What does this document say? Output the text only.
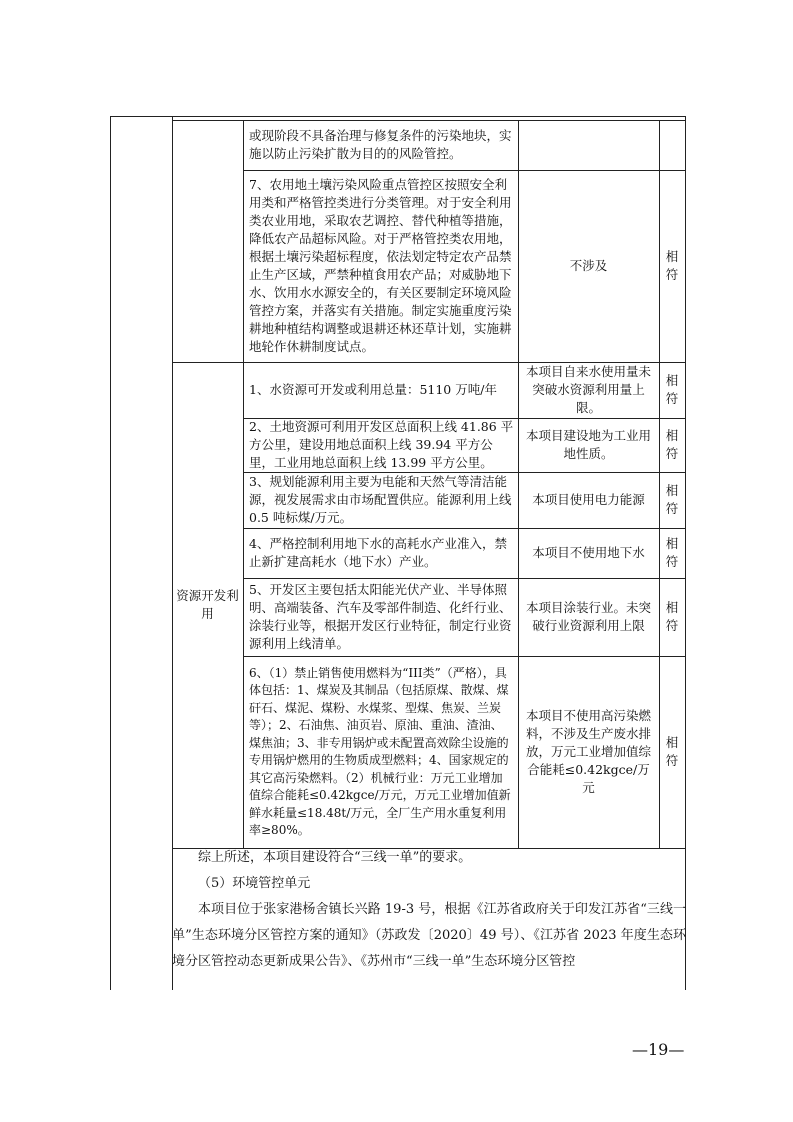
或现阶段不具备治理与修复条件的污染地块，实施以防止污染扩散为目的的风险管控。
7、农用地土壤污染风险重点管控区按照安全利用类和严格管控类进行分类管理。对于安全利用类农业用地，采取农艺调控、替代种植等措施，降低农产品超标风险。对于严格管控类农用地，根据土壤污染超标程度，依法划定特定农产品禁止生产区域，严禁种植食用农产品；对威胁地下水、饮用水水源安全的，有关区要制定环境风险管控方案，并落实有关措施。制定实施重度污染耕地种植结构调整或退耕还林还草计划，实施耕地轮作休耕制度试点。
不涉及
相符
资源开发利用
1、水资源可开发或利用总量：5110 万吨/年
本项目自来水使用量未突破水资源利用量上限。
相符
2、土地资源可利用开发区总面积上线 41.86 平方公里，建设用地总面积上线 39.94 平方公里，工业用地总面积上线 13.99 平方公里。
本项目建设地为工业用地性质。
相符
3、规划能源利用主要为电能和天然气等清洁能源，视发展需求由市场配置供应。能源利用上线 0.5 吨标煤/万元。
本项目使用电力能源
相符
4、严格控制利用地下水的高耗水产业准入，禁止新扩建高耗水（地下水）产业。
本项目不使用地下水
相符
5、开发区主要包括太阳能光伏产业、半导体照明、高端装备、汽车及零部件制造、化纤行业、涂装行业等，根据开发区行业特征，制定行业资源利用上线清单。
本项目涂装行业。未突破行业资源利用上限
相符
6、（1）禁止销售使用燃料为“III类”（严格），具体包括：1、煤炭及其制品（包括原煤、散煤、煤矸石、煤泥、煤粉、水煤浆、型煤、焦炭、兰炭等）；2、石油焦、油页岩、原油、重油、渣油、煤焦油；3、非专用锅炉或未配置高效除尘设施的专用锅炉燃用的生物质成型燃料；4、国家规定的其它高污染燃料。（2）机械行业：万元工业增加值综合能耗≤0.42kgce/万元，万元工业增加值新鲜水耗量≤18.48t/万元，全厂生产用水重复利用率≥80%。
本项目不使用高污染燃料，不涉及生产废水排放，万元工业增加值综合能耗≤0.42kgce/万元
相符
综上所述，本项目建设符合“三线一单”的要求。
（5）环境管控单元
本项目位于张家港杨舍镇长兴路 19-3 号，根据《江苏省政府关于印发江苏省“三线一单”生态环境分区管控方案的通知》（苏政发〔2020〕49 号）、《江苏省 2023 年度生态环境分区管控动态更新成果公告》、《苏州市“三线一单”生态环境分区管控
—19—
